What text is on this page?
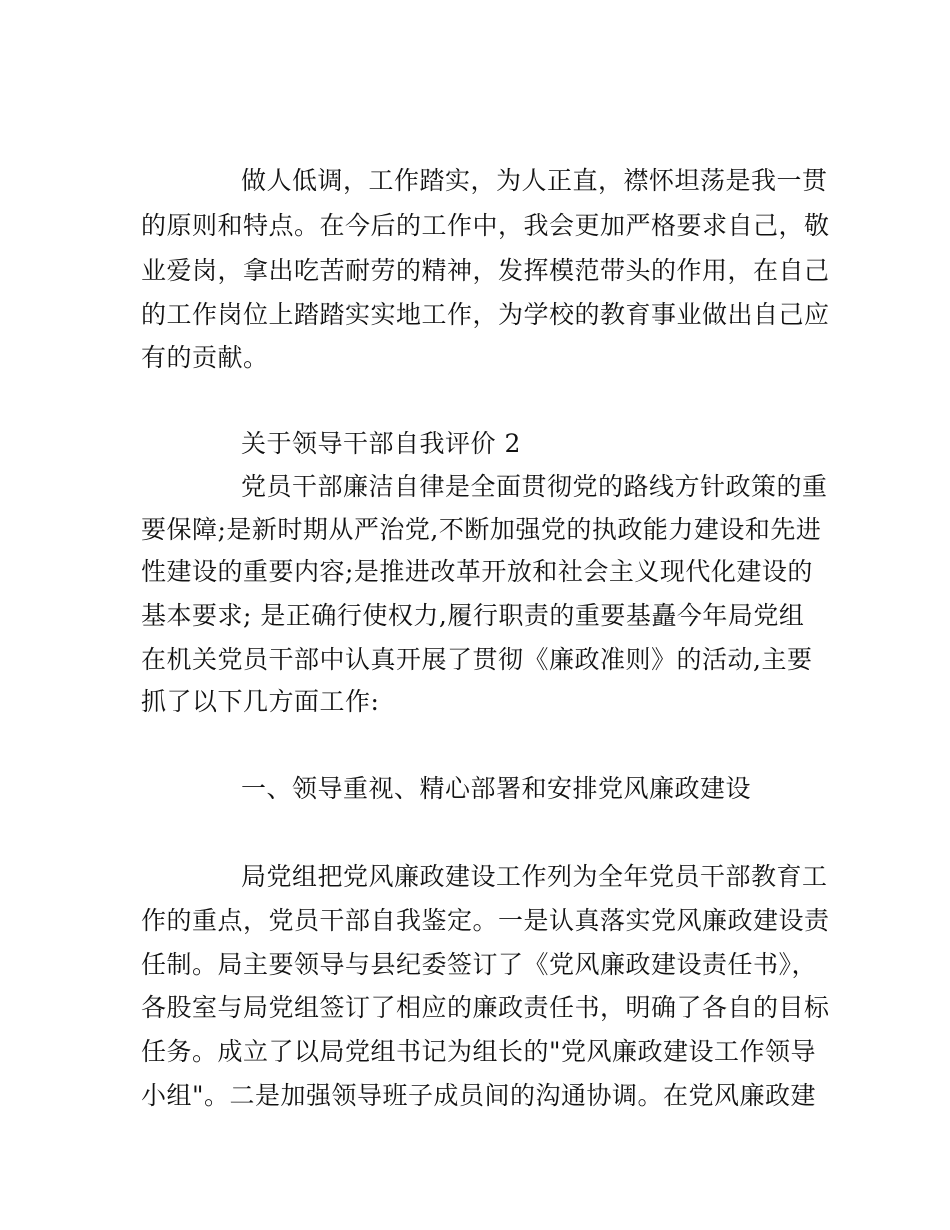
做人低调，工作踏实，为人正直，襟怀坦荡是我一贯
的原则和特点。在今后的工作中，我会更加严格要求自己，敬
业爱岗，拿出吃苦耐劳的精神，发挥模范带头的作用，在自己
的工作岗位上踏踏实实地工作，为学校的教育事业做出自己应
有的贡献。
关于领导干部自我评价 2
党员干部廉洁自律是全面贯彻党的路线方针政策的重
要保障;是新时期从严治党,不断加强党的执政能力建设和先进
性建设的重要内容;是推进改革开放和社会主义现代化建设的
基本要求; 是正确行使权力,履行职责的重要基矗今年局党组
在机关党员干部中认真开展了贯彻《廉政准则》的活动,主要
抓了以下几方面工作:
一、领导重视、精心部署和安排党风廉政建设
局党组把党风廉政建设工作列为全年党员干部教育工
作的重点，党员干部自我鉴定。一是认真落实党风廉政建设责
任制。局主要领导与县纪委签订了《党风廉政建设责任书》，
各股室与局党组签订了相应的廉政责任书，明确了各自的目标
任务。成立了以局党组书记为组长的"党风廉政建设工作领导
小组"。二是加强领导班子成员间的沟通协调。在党风廉政建
